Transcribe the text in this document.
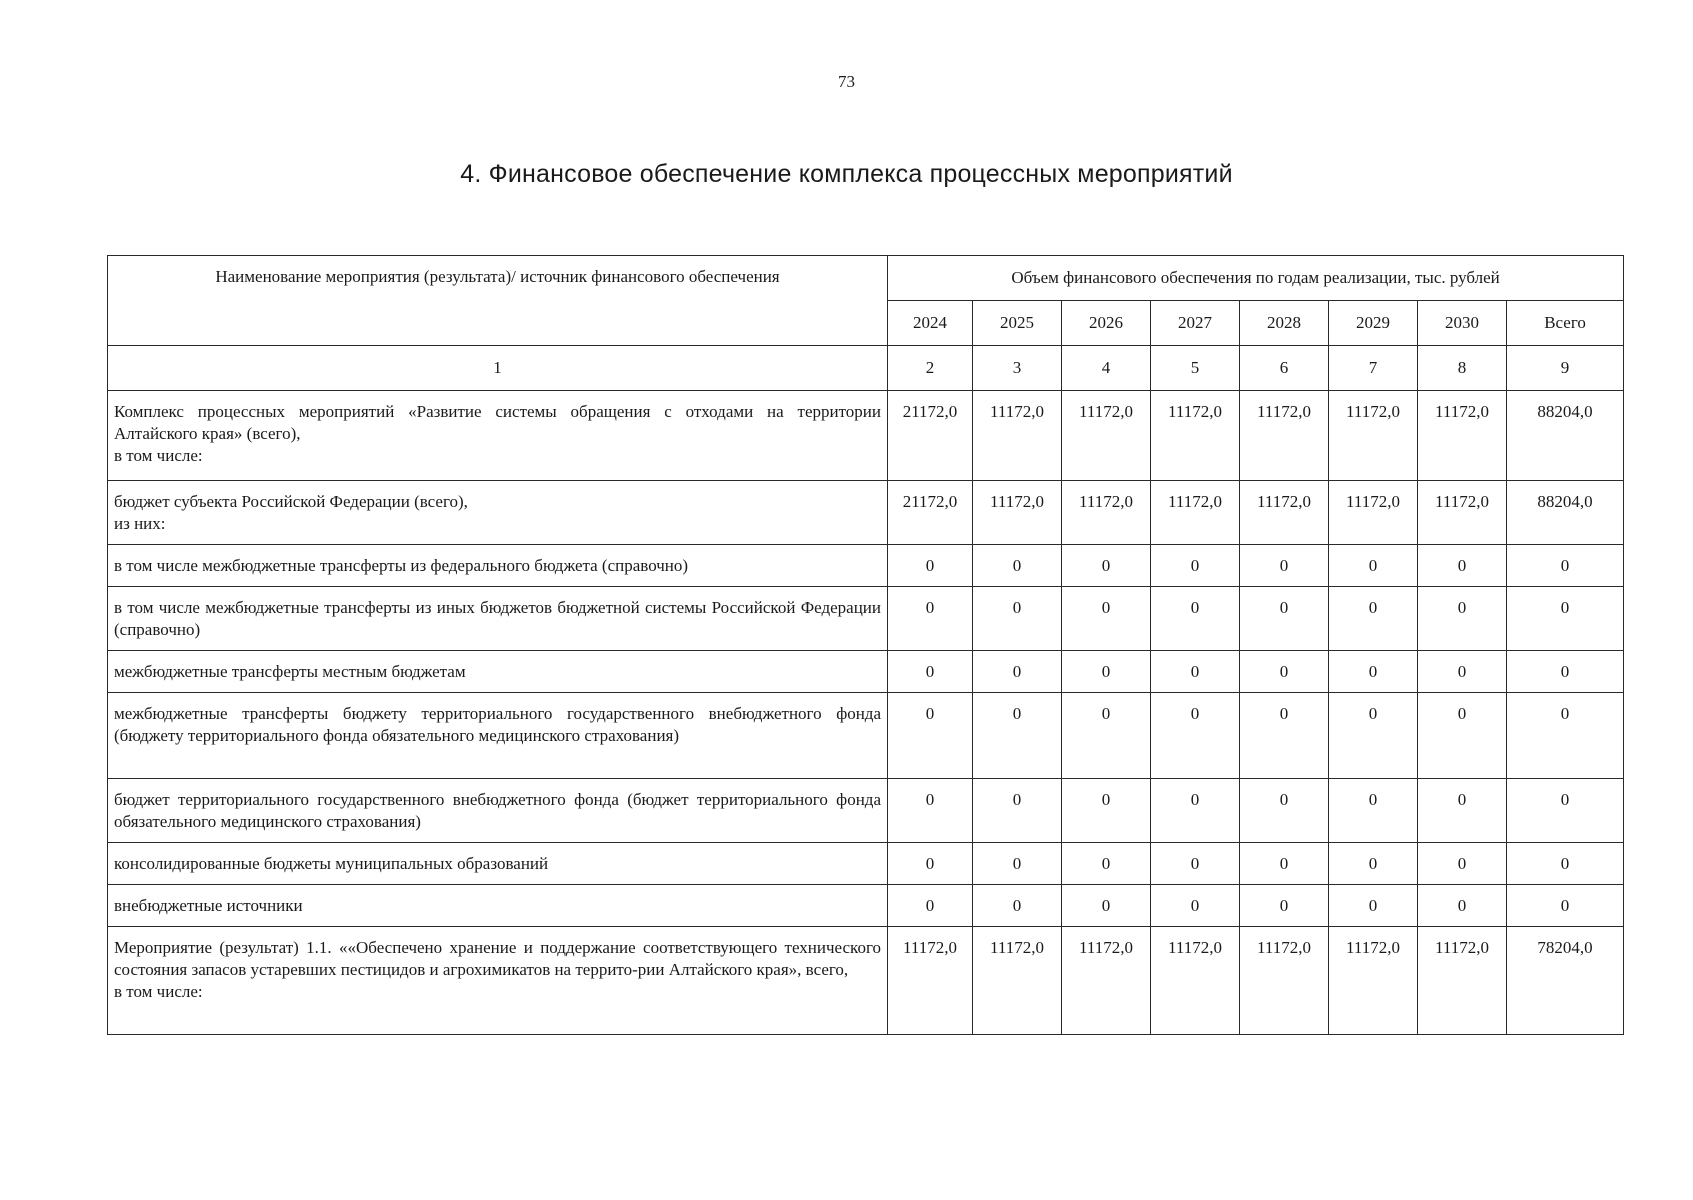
73
4. Финансовое обеспечение комплекса процессных мероприятий
Наименование мероприятия (результата)/ источник финансового обеспечения	Объем финансового обеспечения по годам реализации, тыс. рублей							
	2024	2025	2026	2027	2028	2029	2030	Всего
1	2	3	4	5	6	7	8	9
Комплекс процессных мероприятий «Развитие системы обращения с отходами на территории Алтайского края» (всего),
в том числе:	21172,0	11172,0	11172,0	11172,0	11172,0	11172,0	11172,0	88204,0
бюджет субъекта Российской Федерации (всего),
из них:	21172,0	11172,0	11172,0	11172,0	11172,0	11172,0	11172,0	88204,0
в том числе межбюджетные трансферты из федерального бюджета (справочно)	0	0	0	0	0	0	0	0
в том числе межбюджетные трансферты из иных бюджетов бюджетной системы Российской Федерации (справочно)	0	0	0	0	0	0	0	0
межбюджетные трансферты местным бюджетам	0	0	0	0	0	0	0	0
межбюджетные трансферты бюджету территориального государственного внебюджетного фонда (бюджету территориального фонда обязательного медицинского страхования)	0	0	0	0	0	0	0	0
бюджет территориального государственного внебюджетного фонда (бюджет территориального фонда обязательного медицинского страхования)	0	0	0	0	0	0	0	0
консолидированные бюджеты муниципальных образований	0	0	0	0	0	0	0	0
внебюджетные источники	0	0	0	0	0	0	0	0
Мероприятие (результат) 1.1. ««Обеспечено хранение и поддержание соответствующего технического состояния запасов устаревших пестицидов и агрохимикатов на террито-рии Алтайского края», всего,
в том числе:	11172,0	11172,0	11172,0	11172,0	11172,0	11172,0	11172,0	78204,0
